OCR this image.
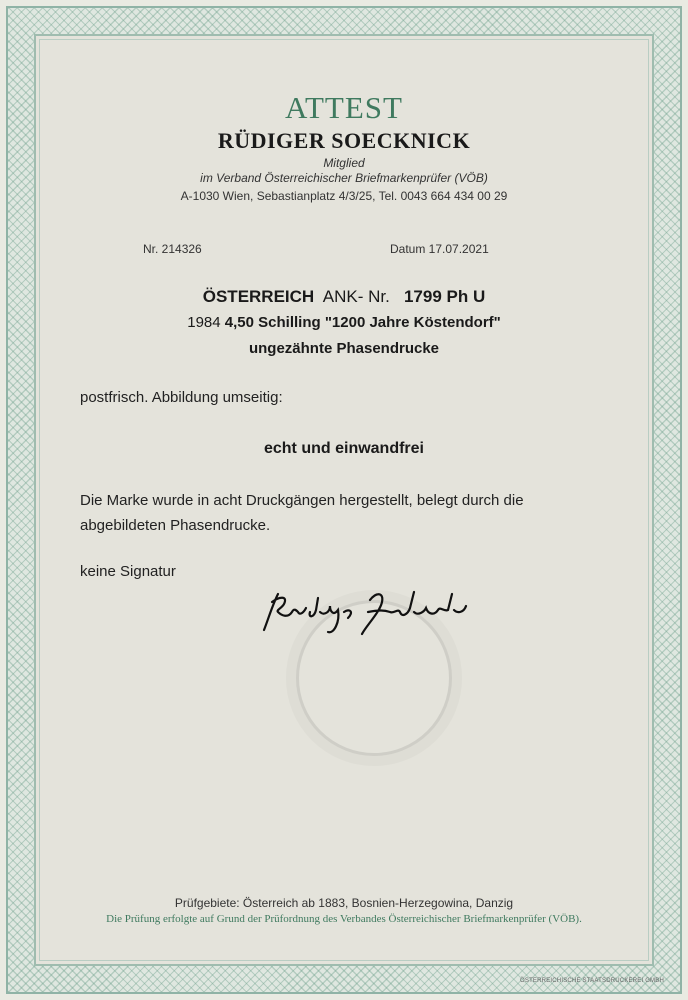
ATTEST
RÜDIGER SOECKNICK
Mitglied
im Verband Österreichischer Briefmarkenprüfer (VÖB)
A-1030 Wien, Sebastianplatz 4/3/25, Tel. 0043 664 434 00 29
Nr. 214326	Datum 17.07.2021
ÖSTERREICH ANK- Nr. 1799 Ph U
1984 4,50 Schilling "1200 Jahre Köstendorf"
ungezähnte Phasendrucke
postfrisch. Abbildung umseitig:
echt und einwandfrei
Die Marke wurde in acht Druckgängen hergestellt, belegt durch die abgebildeten Phasendrucke.
keine Signatur
Prüfgebiete: Österreich ab 1883, Bosnien-Herzegowina, Danzig
Die Prüfung erfolgte auf Grund der Prüfordnung des Verbandes Österreichischer Briefmarkenprüfer (VÖB).
ÖSTERREICHISCHE STAATSDRUCKEREI GMBH
